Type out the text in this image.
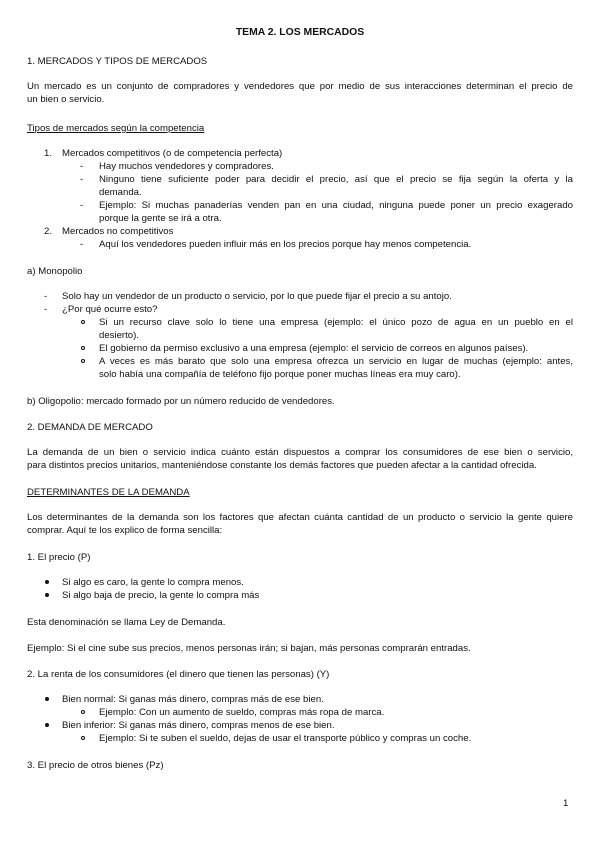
TEMA 2. LOS MERCADOS
1. MERCADOS Y TIPOS DE MERCADOS
Un mercado es un conjunto de compradores y vendedores que por medio de sus interacciones determinan el precio de
un bien o servicio.
Tipos de mercados según la competencia
1. Mercados competitivos (o de competencia perfecta)
- Hay muchos vendedores y compradores.
- Ninguno tiene suficiente poder para decidir el precio, así que el precio se fija según la oferta y la
demanda.
- Ejemplo: Si muchas panaderías venden pan en una ciudad, ninguna puede poner un precio exagerado
porque la gente se irá a otra.
2. Mercados no competitivos
- Aquí los vendedores pueden influir más en los precios porque hay menos competencia.
a) Monopolio
- Solo hay un vendedor de un producto o servicio, por lo que puede fijar el precio a su antojo.
- ¿Por qué ocurre esto?
Si un recurso clave solo lo tiene una empresa (ejemplo: el único pozo de agua en un pueblo en el
desierto).
El gobierno da permiso exclusivo a una empresa (ejemplo: el servicio de correos en algunos países).
A veces es más barato que solo una empresa ofrezca un servicio en lugar de muchas (ejemplo: antes,
solo había una compañía de teléfono fijo porque poner muchas líneas era muy caro).
b) Oligopolio: mercado formado por un número reducido de vendedores.
2. DEMANDA DE MERCADO
La demanda de un bien o servicio indica cuánto están dispuestos a comprar los consumidores de ese bien o servicio,
para distintos precios unitarios, manteniéndose constante los demás factores que pueden afectar a la cantidad ofrecida.
DETERMINANTES DE LA DEMANDA
Los determinantes de la demanda son los factores que afectan cuánta cantidad de un producto o servicio la gente quiere
comprar. Aquí te los explico de forma sencilla:
1. El precio (P)
Si algo es caro, la gente lo compra menos.
Si algo baja de precio, la gente lo compra más
Esta denominación se llama Ley de Demanda.
Ejemplo: Si el cine sube sus precios, menos personas irán; si bajan, más personas comprarán entradas.
2. La renta de los consumidores (el dinero que tienen las personas) (Y)
Bien normal: Si ganas más dinero, compras más de ese bien.
Ejemplo: Con un aumento de sueldo, compras más ropa de marca.
Bien inferior: Si ganas más dinero, compras menos de ese bien.
Ejemplo: Si te suben el sueldo, dejas de usar el transporte público y compras un coche.
3. El precio de otros bienes (Pz)
1
